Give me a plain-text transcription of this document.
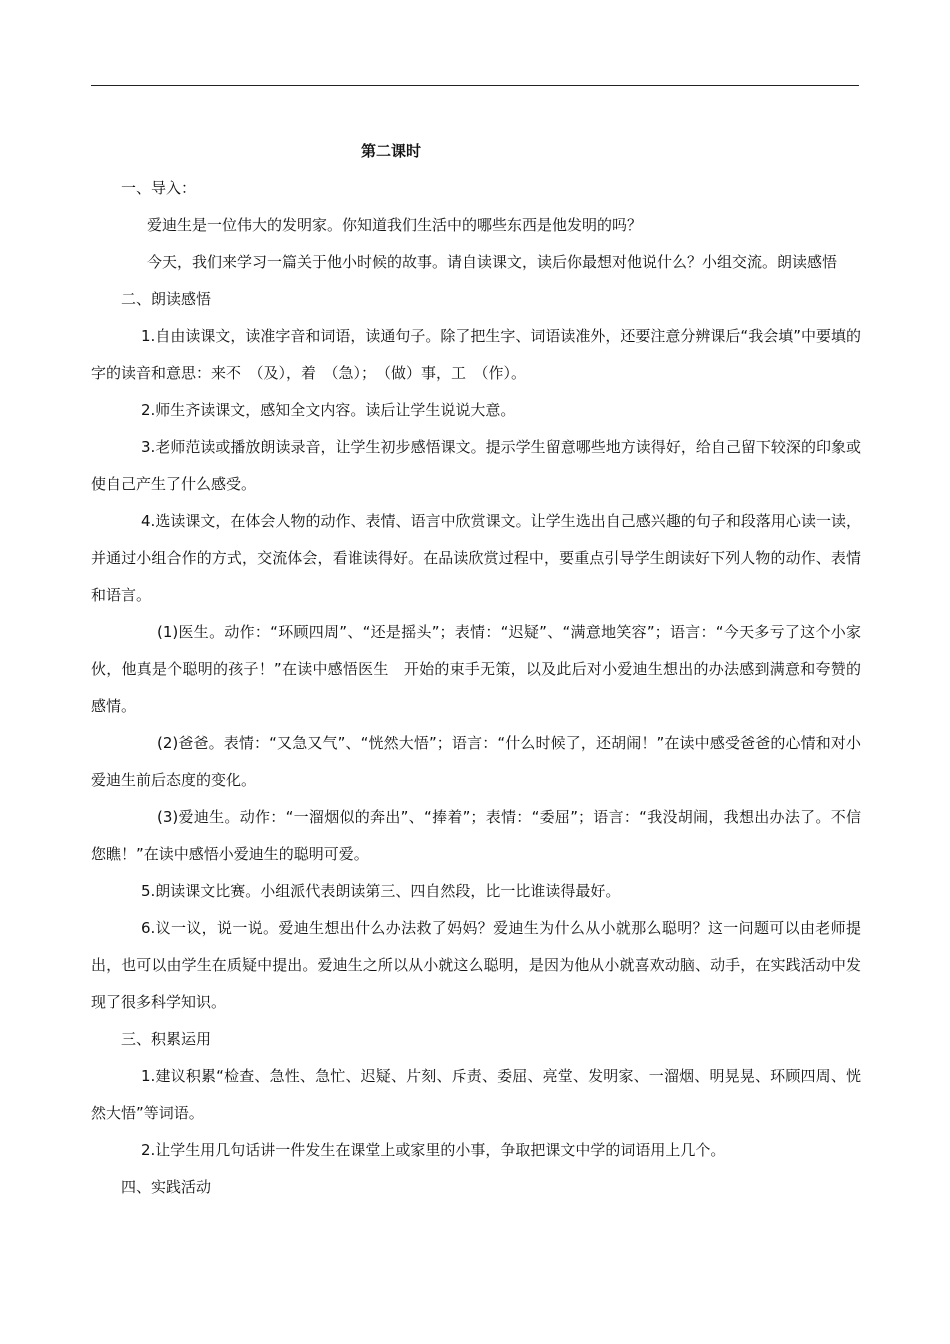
第二课时

一、导入：

爱迪生是一位伟大的发明家。你知道我们生活中的哪些东西是他发明的吗？

今天，我们来学习一篇关于他小时候的故事。请自读课文，读后你最想对他说什么？小组交流。朗读感悟

二、朗读感悟

1.自由读课文，读准字音和词语，读通句子。除了把生字、词语读准外，还要注意分辨课后“我会填”中要填的字的读音和意思：来不　（及），着　（急）；　（做）事，工　（作）。

2.师生齐读课文，感知全文内容。读后让学生说说大意。

3.老师范读或播放朗读录音，让学生初步感悟课文。提示学生留意哪些地方读得好，给自己留下较深的印象或使自己产生了什么感受。

4.选读课文，在体会人物的动作、表情、语言中欣赏课文。让学生选出自己感兴趣的句子和段落用心读一读，并通过小组合作的方式，交流体会，看谁读得好。在品读欣赏过程中，要重点引导学生朗读好下列人物的动作、表情和语言。

(1)医生。动作：“环顾四周”、“还是摇头”；表情：“迟疑”、“满意地笑容”；语言：“今天多亏了这个小家伙，他真是个聪明的孩子！”在读中感悟医生　开始的束手无策，以及此后对小爱迪生想出的办法感到满意和夸赞的感情。

(2)爸爸。表情：“又急又气”、“恍然大悟”；语言：“什么时候了，还胡闹！”在读中感受爸爸的心情和对小爱迪生前后态度的变化。

(3)爱迪生。动作：“一溜烟似的奔出”、“捧着”；表情：“委屈”；语言：“我没胡闹，我想出办法了。不信您瞧！”在读中感悟小爱迪生的聪明可爱。

5.朗读课文比赛。小组派代表朗读第三、四自然段，比一比谁读得最好。

6.议一议，说一说。爱迪生想出什么办法救了妈妈？爱迪生为什么从小就那么聪明？这一问题可以由老师提出，也可以由学生在质疑中提出。爱迪生之所以从小就这么聪明，是因为他从小就喜欢动脑、动手，在实践活动中发现了很多科学知识。

三、积累运用

1.建议积累“检查、急性、急忙、迟疑、片刻、斥责、委屈、亮堂、发明家、一溜烟、明晃晃、环顾四周、恍然大悟”等词语。

2.让学生用几句话讲一件发生在课堂上或家里的小事，争取把课文中学的词语用上几个。

四、实践活动
